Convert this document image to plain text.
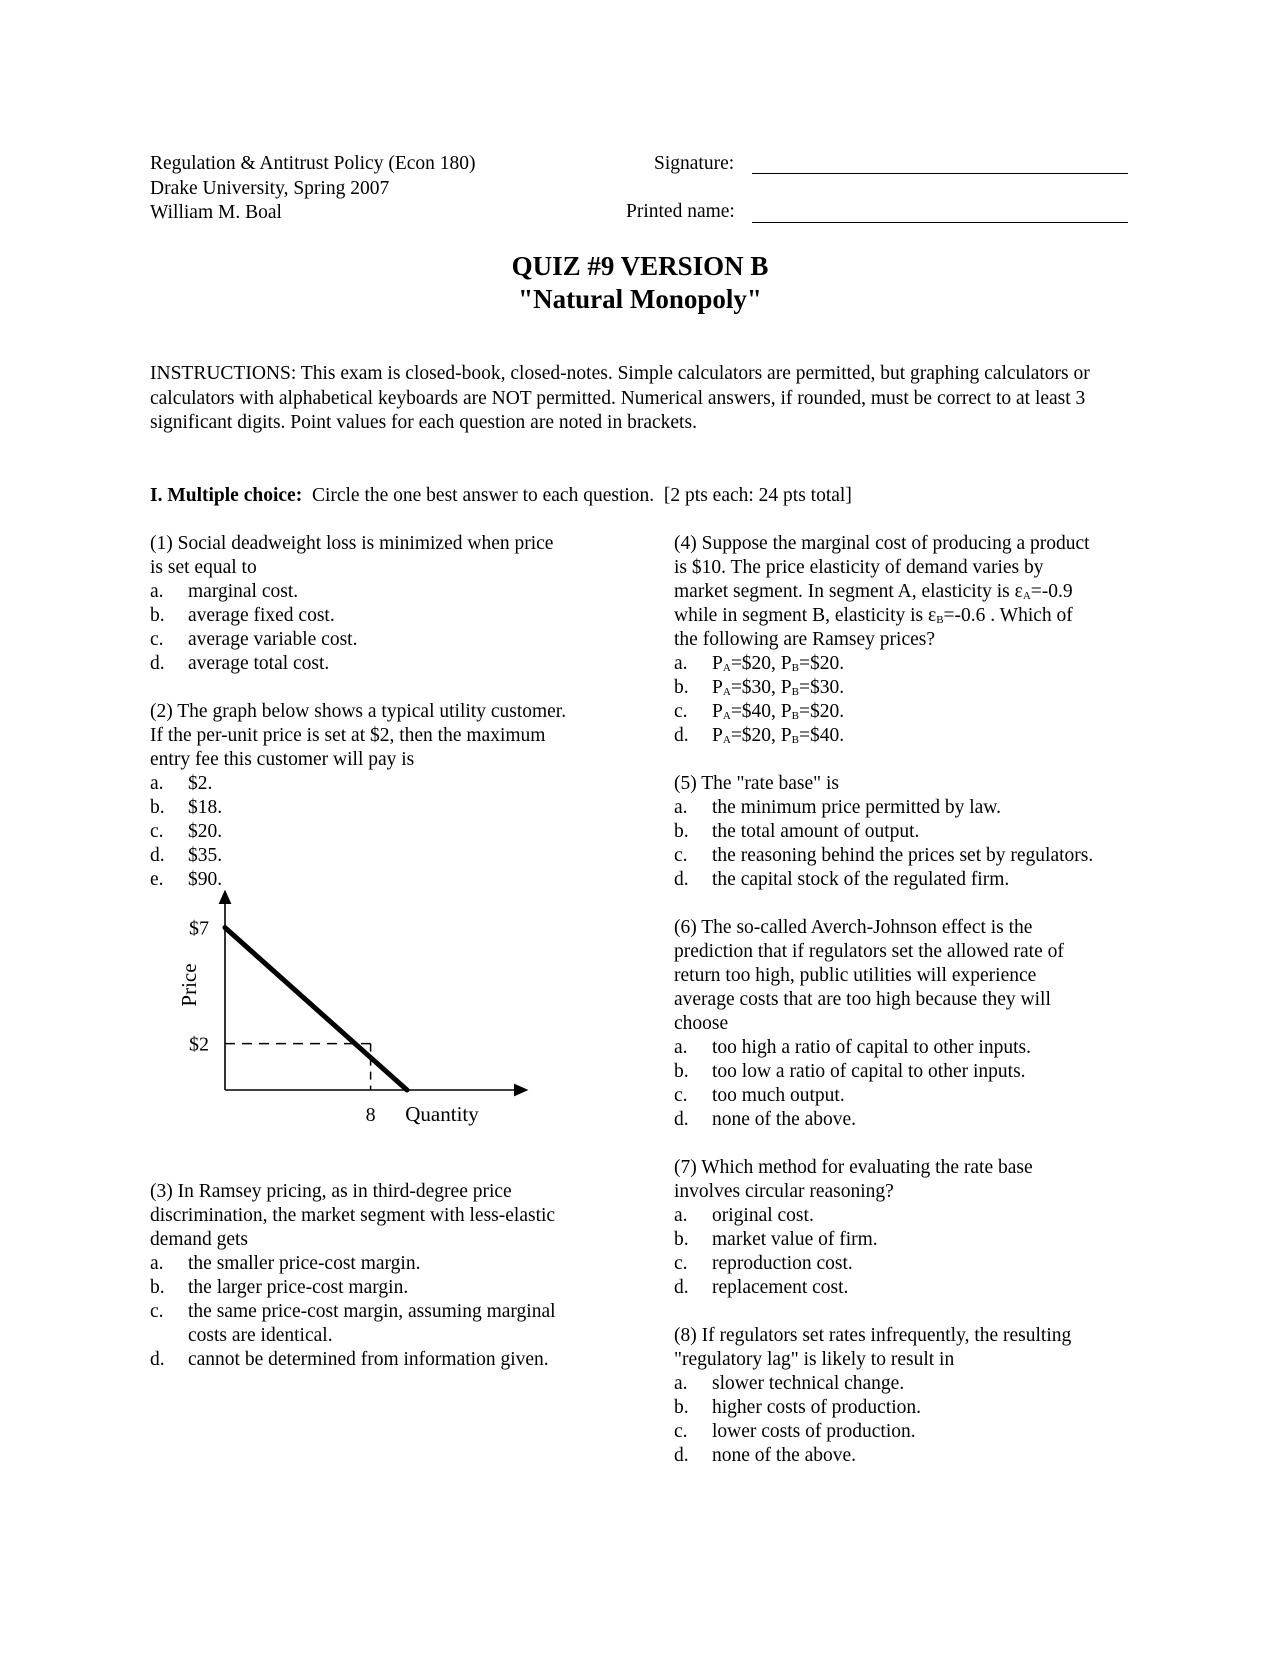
Regulation & Antitrust Policy (Econ 180)
Drake University, Spring 2007
William M. Boal
Signature:
Printed name:
QUIZ #9 VERSION B
"Natural Monopoly"
INSTRUCTIONS: This exam is closed-book, closed-notes. Simple calculators are permitted, but graphing calculators or calculators with alphabetical keyboards are NOT permitted. Numerical answers, if rounded, must be correct to at least 3 significant digits. Point values for each question are noted in brackets.
I. Multiple choice:  Circle the one best answer to each question.  [2 pts each: 24 pts total]
(1) Social deadweight loss is minimized when price
is set equal to
a. marginal cost.
b. average fixed cost.
c. average variable cost.
d. average total cost.
(2) The graph below shows a typical utility customer.
If the per-unit price is set at $2, then the maximum
entry fee this customer will pay is
a. $2.
b. $18.
c. $20.
d. $35.
e. $90.
$7
$2
8 Quantity
Price
(3) In Ramsey pricing, as in third-degree price
discrimination, the market segment with less-elastic
demand gets
a. the smaller price-cost margin.
b. the larger price-cost margin.
c. the same price-cost margin, assuming marginal
costs are identical.
d. cannot be determined from information given.
(4) Suppose the marginal cost of producing a product
is $10. The price elasticity of demand varies by
market segment. In segment A, elasticity is $\varepsilon_A=-0.9$
while in segment B, elasticity is $\varepsilon_B=-0.6$ . Which of
the following are Ramsey prices?
a. $P_A=\$20$, $P_B=\$20$.
b. $P_A=\$30$, $P_B=\$30$.
c. $P_A=\$40$, $P_B=\$20$.
d. $P_A=\$20$, $P_B=\$40$.
(5) The "rate base" is
a. the minimum price permitted by law.
b. the total amount of output.
c. the reasoning behind the prices set by regulators.
d. the capital stock of the regulated firm.
(6) The so-called Averch-Johnson effect is the
prediction that if regulators set the allowed rate of
return too high, public utilities will experience
average costs that are too high because they will
choose
a. too high a ratio of capital to other inputs.
b. too low a ratio of capital to other inputs.
c. too much output.
d. none of the above.
(7) Which method for evaluating the rate base
involves circular reasoning?
a. original cost.
b. market value of firm.
c. reproduction cost.
d. replacement cost.
(8) If regulators set rates infrequently, the resulting
"regulatory lag" is likely to result in
a. slower technical change.
b. higher costs of production.
c. lower costs of production.
d. none of the above.
